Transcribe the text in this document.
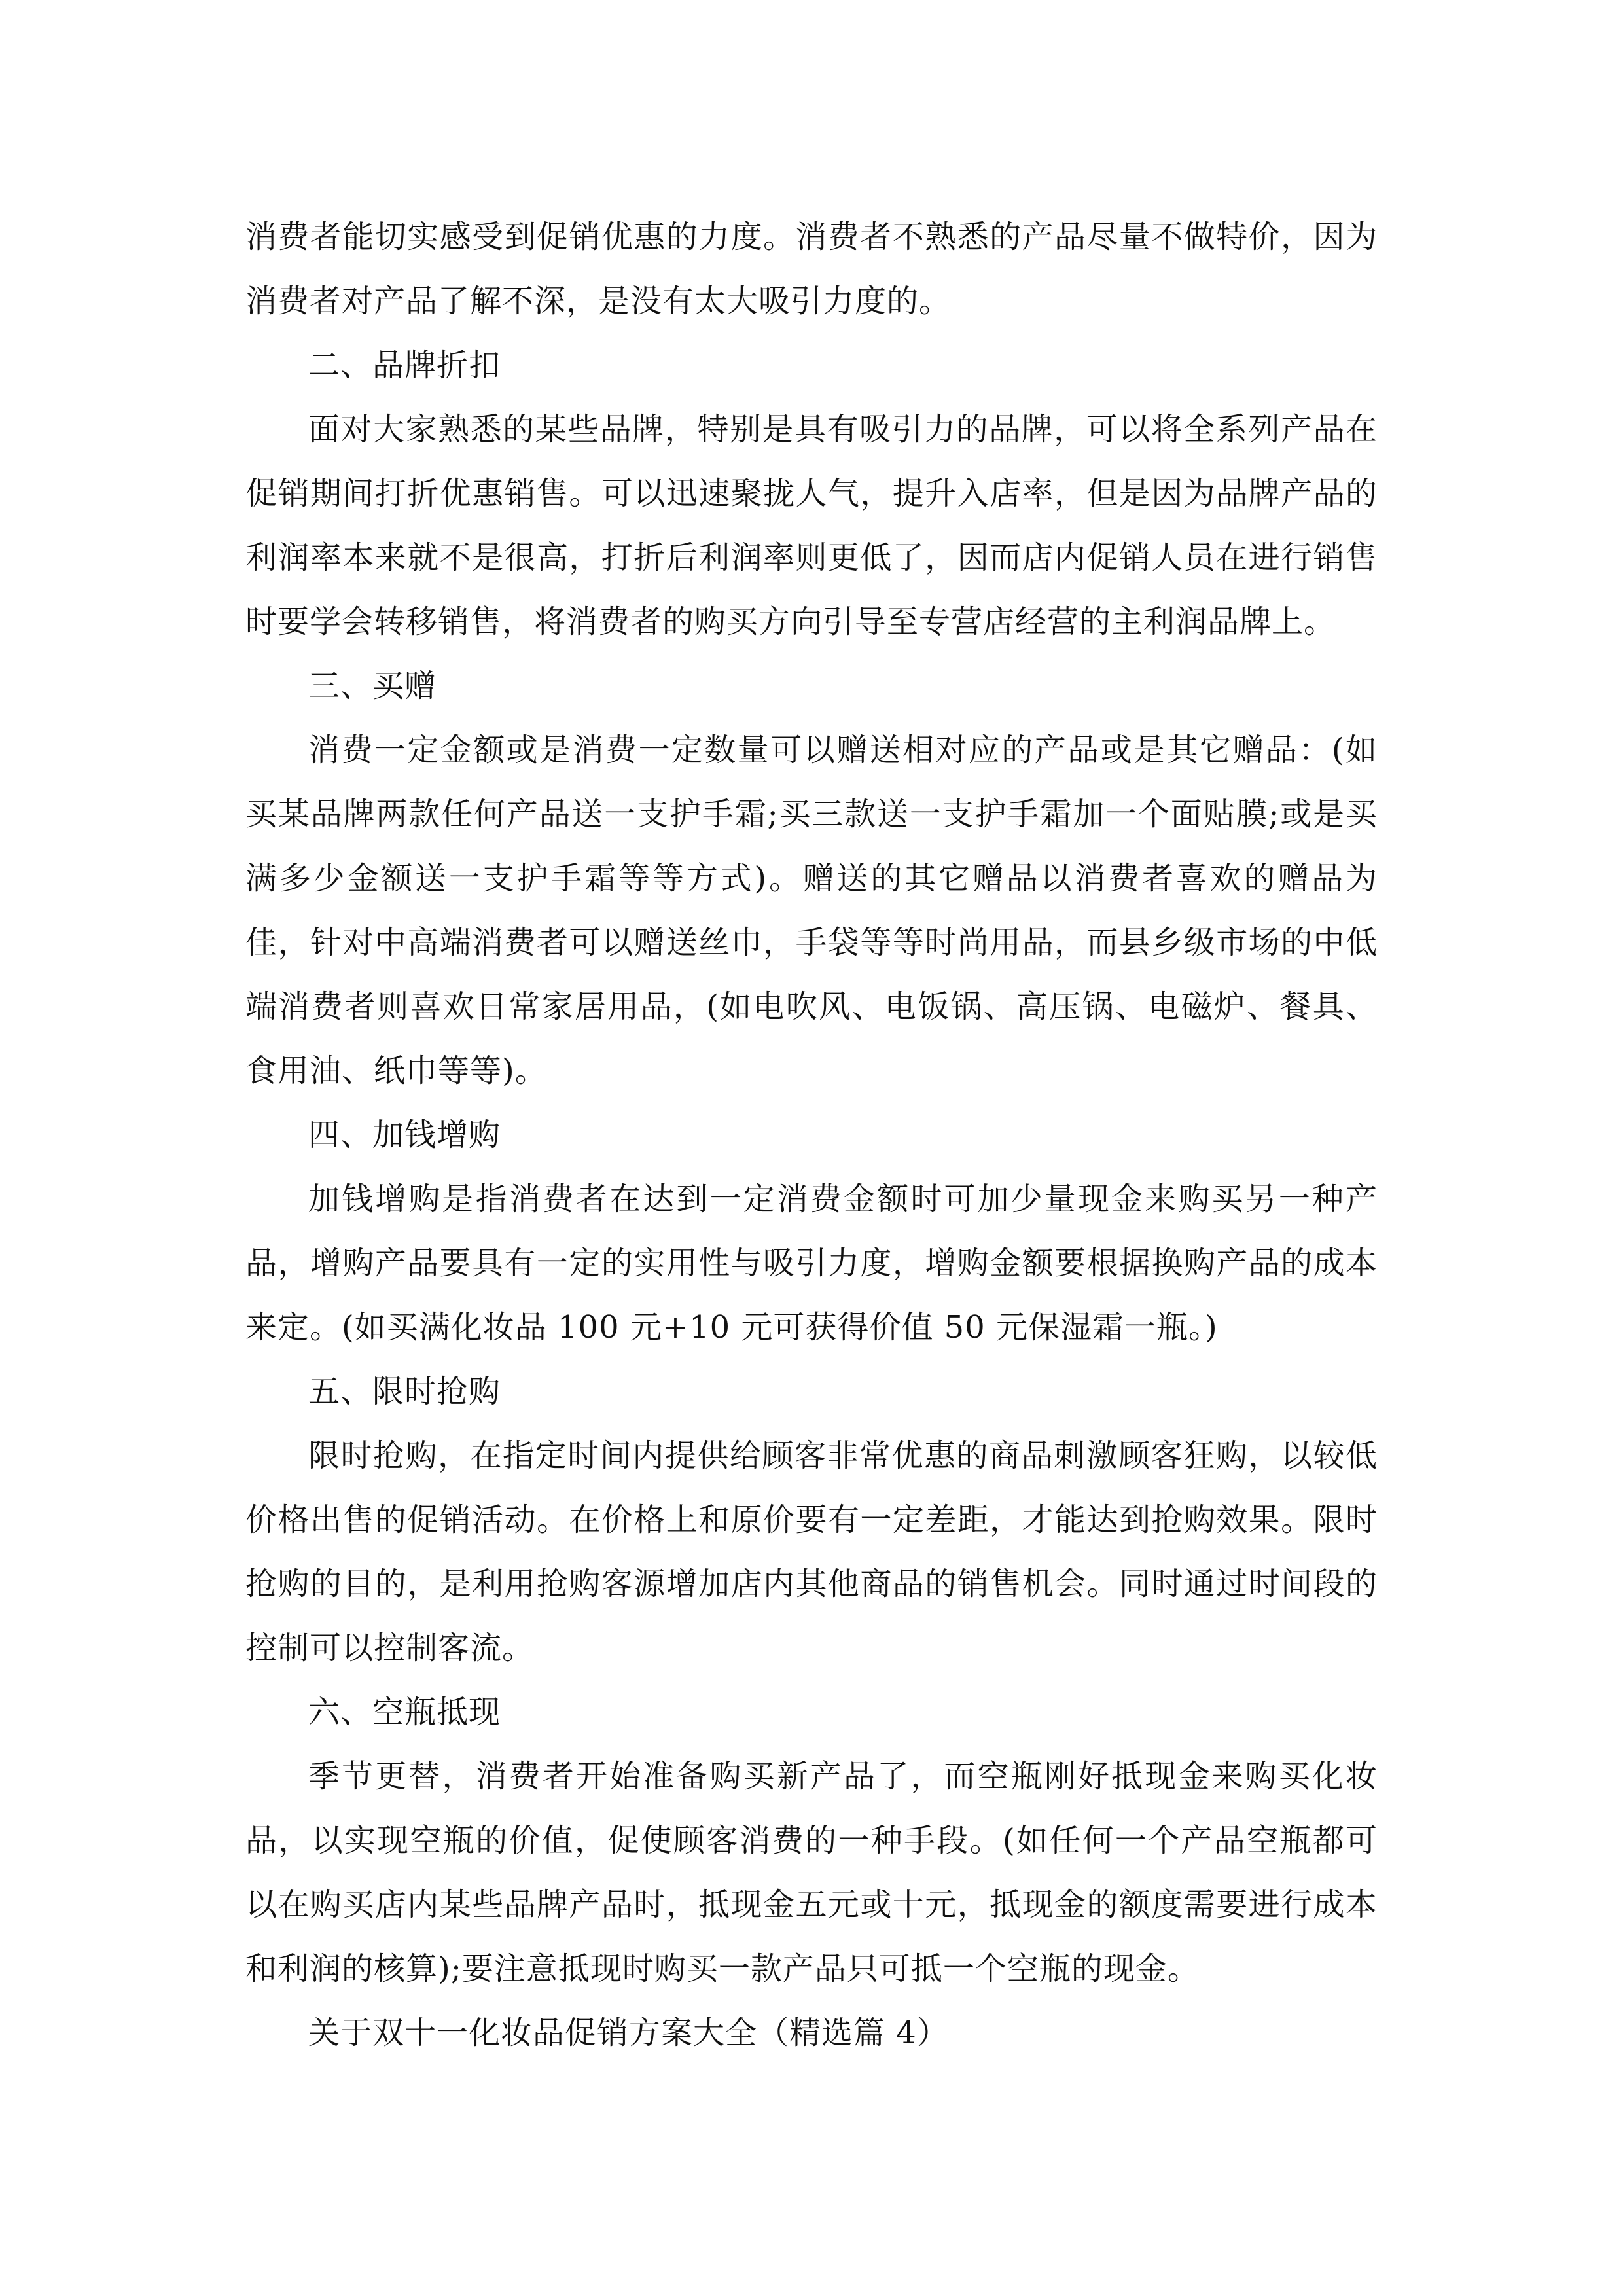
消费者能切实感受到促销优惠的力度。消费者不熟悉的产品尽量不做特价，因为消费者对产品了解不深，是没有太大吸引力度的。

二、品牌折扣

面对大家熟悉的某些品牌，特别是具有吸引力的品牌，可以将全系列产品在促销期间打折优惠销售。可以迅速聚拢人气，提升入店率，但是因为品牌产品的利润率本来就不是很高，打折后利润率则更低了，因而店内促销人员在进行销售时要学会转移销售，将消费者的购买方向引导至专营店经营的主利润品牌上。

三、买赠

消费一定金额或是消费一定数量可以赠送相对应的产品或是其它赠品：(如买某品牌两款任何产品送一支护手霜;买三款送一支护手霜加一个面贴膜;或是买满多少金额送一支护手霜等等方式)。赠送的其它赠品以消费者喜欢的赠品为佳，针对中高端消费者可以赠送丝巾，手袋等等时尚用品，而县乡级市场的中低端消费者则喜欢日常家居用品，(如电吹风、电饭锅、高压锅、电磁炉、餐具、食用油、纸巾等等)。

四、加钱增购

加钱增购是指消费者在达到一定消费金额时可加少量现金来购买另一种产品，增购产品要具有一定的实用性与吸引力度，增购金额要根据换购产品的成本来定。(如买满化妆品 100 元+10 元可获得价值 50 元保湿霜一瓶。)

五、限时抢购

限时抢购，在指定时间内提供给顾客非常优惠的商品刺激顾客狂购，以较低价格出售的促销活动。在价格上和原价要有一定差距，才能达到抢购效果。限时抢购的目的，是利用抢购客源增加店内其他商品的销售机会。同时通过时间段的控制可以控制客流。

六、空瓶抵现

季节更替，消费者开始准备购买新产品了，而空瓶刚好抵现金来购买化妆品，以实现空瓶的价值，促使顾客消费的一种手段。(如任何一个产品空瓶都可以在购买店内某些品牌产品时，抵现金五元或十元，抵现金的额度需要进行成本和利润的核算);要注意抵现时购买一款产品只可抵一个空瓶的现金。

关于双十一化妆品促销方案大全（精选篇 4）
